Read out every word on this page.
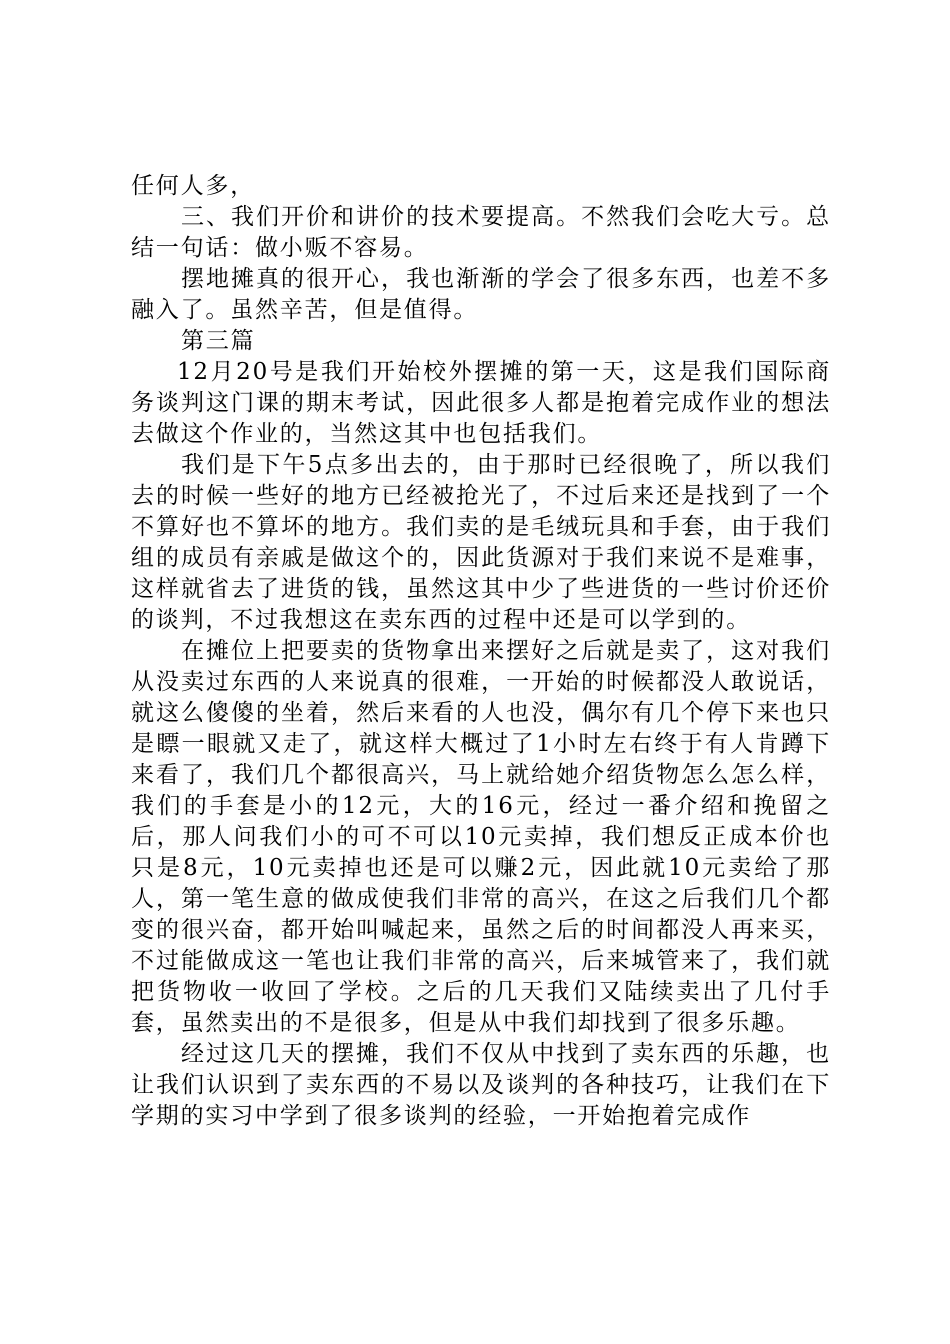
任何人多，

三、我们开价和讲价的技术要提高。不然我们会吃大亏。总结一句话：做小贩不容易。

摆地摊真的很开心，我也渐渐的学会了很多东西，也差不多融入了。虽然辛苦，但是值得。

第三篇

12月20号是我们开始校外摆摊的第一天，这是我们国际商务谈判这门课的期末考试，因此很多人都是抱着完成作业的想法去做这个作业的，当然这其中也包括我们。

我们是下午5点多出去的，由于那时已经很晚了，所以我们去的时候一些好的地方已经被抢光了，不过后来还是找到了一个不算好也不算坏的地方。我们卖的是毛绒玩具和手套，由于我们组的成员有亲戚是做这个的，因此货源对于我们来说不是难事，这样就省去了进货的钱，虽然这其中少了些进货的一些讨价还价的谈判，不过我想这在卖东西的过程中还是可以学到的。

在摊位上把要卖的货物拿出来摆好之后就是卖了，这对我们从没卖过东西的人来说真的很难，一开始的时候都没人敢说话，就这么傻傻的坐着，然后来看的人也没，偶尔有几个停下来也只是瞟一眼就又走了，就这样大概过了1小时左右终于有人肯蹲下来看了，我们几个都很高兴，马上就给她介绍货物怎么怎么样，我们的手套是小的12元，大的16元，经过一番介绍和挽留之后，那人问我们小的可不可以10元卖掉，我们想反正成本价也只是8元，10元卖掉也还是可以赚2元，因此就10元卖给了那人，第一笔生意的做成使我们非常的高兴，在这之后我们几个都变的很兴奋，都开始叫喊起来，虽然之后的时间都没人再来买，不过能做成这一笔也让我们非常的高兴，后来城管来了，我们就把货物收一收回了学校。之后的几天我们又陆续卖出了几付手套，虽然卖出的不是很多，但是从中我们却找到了很多乐趣。

经过这几天的摆摊，我们不仅从中找到了卖东西的乐趣，也让我们认识到了卖东西的不易以及谈判的各种技巧，让我们在下学期的实习中学到了很多谈判的经验，一开始抱着完成作
